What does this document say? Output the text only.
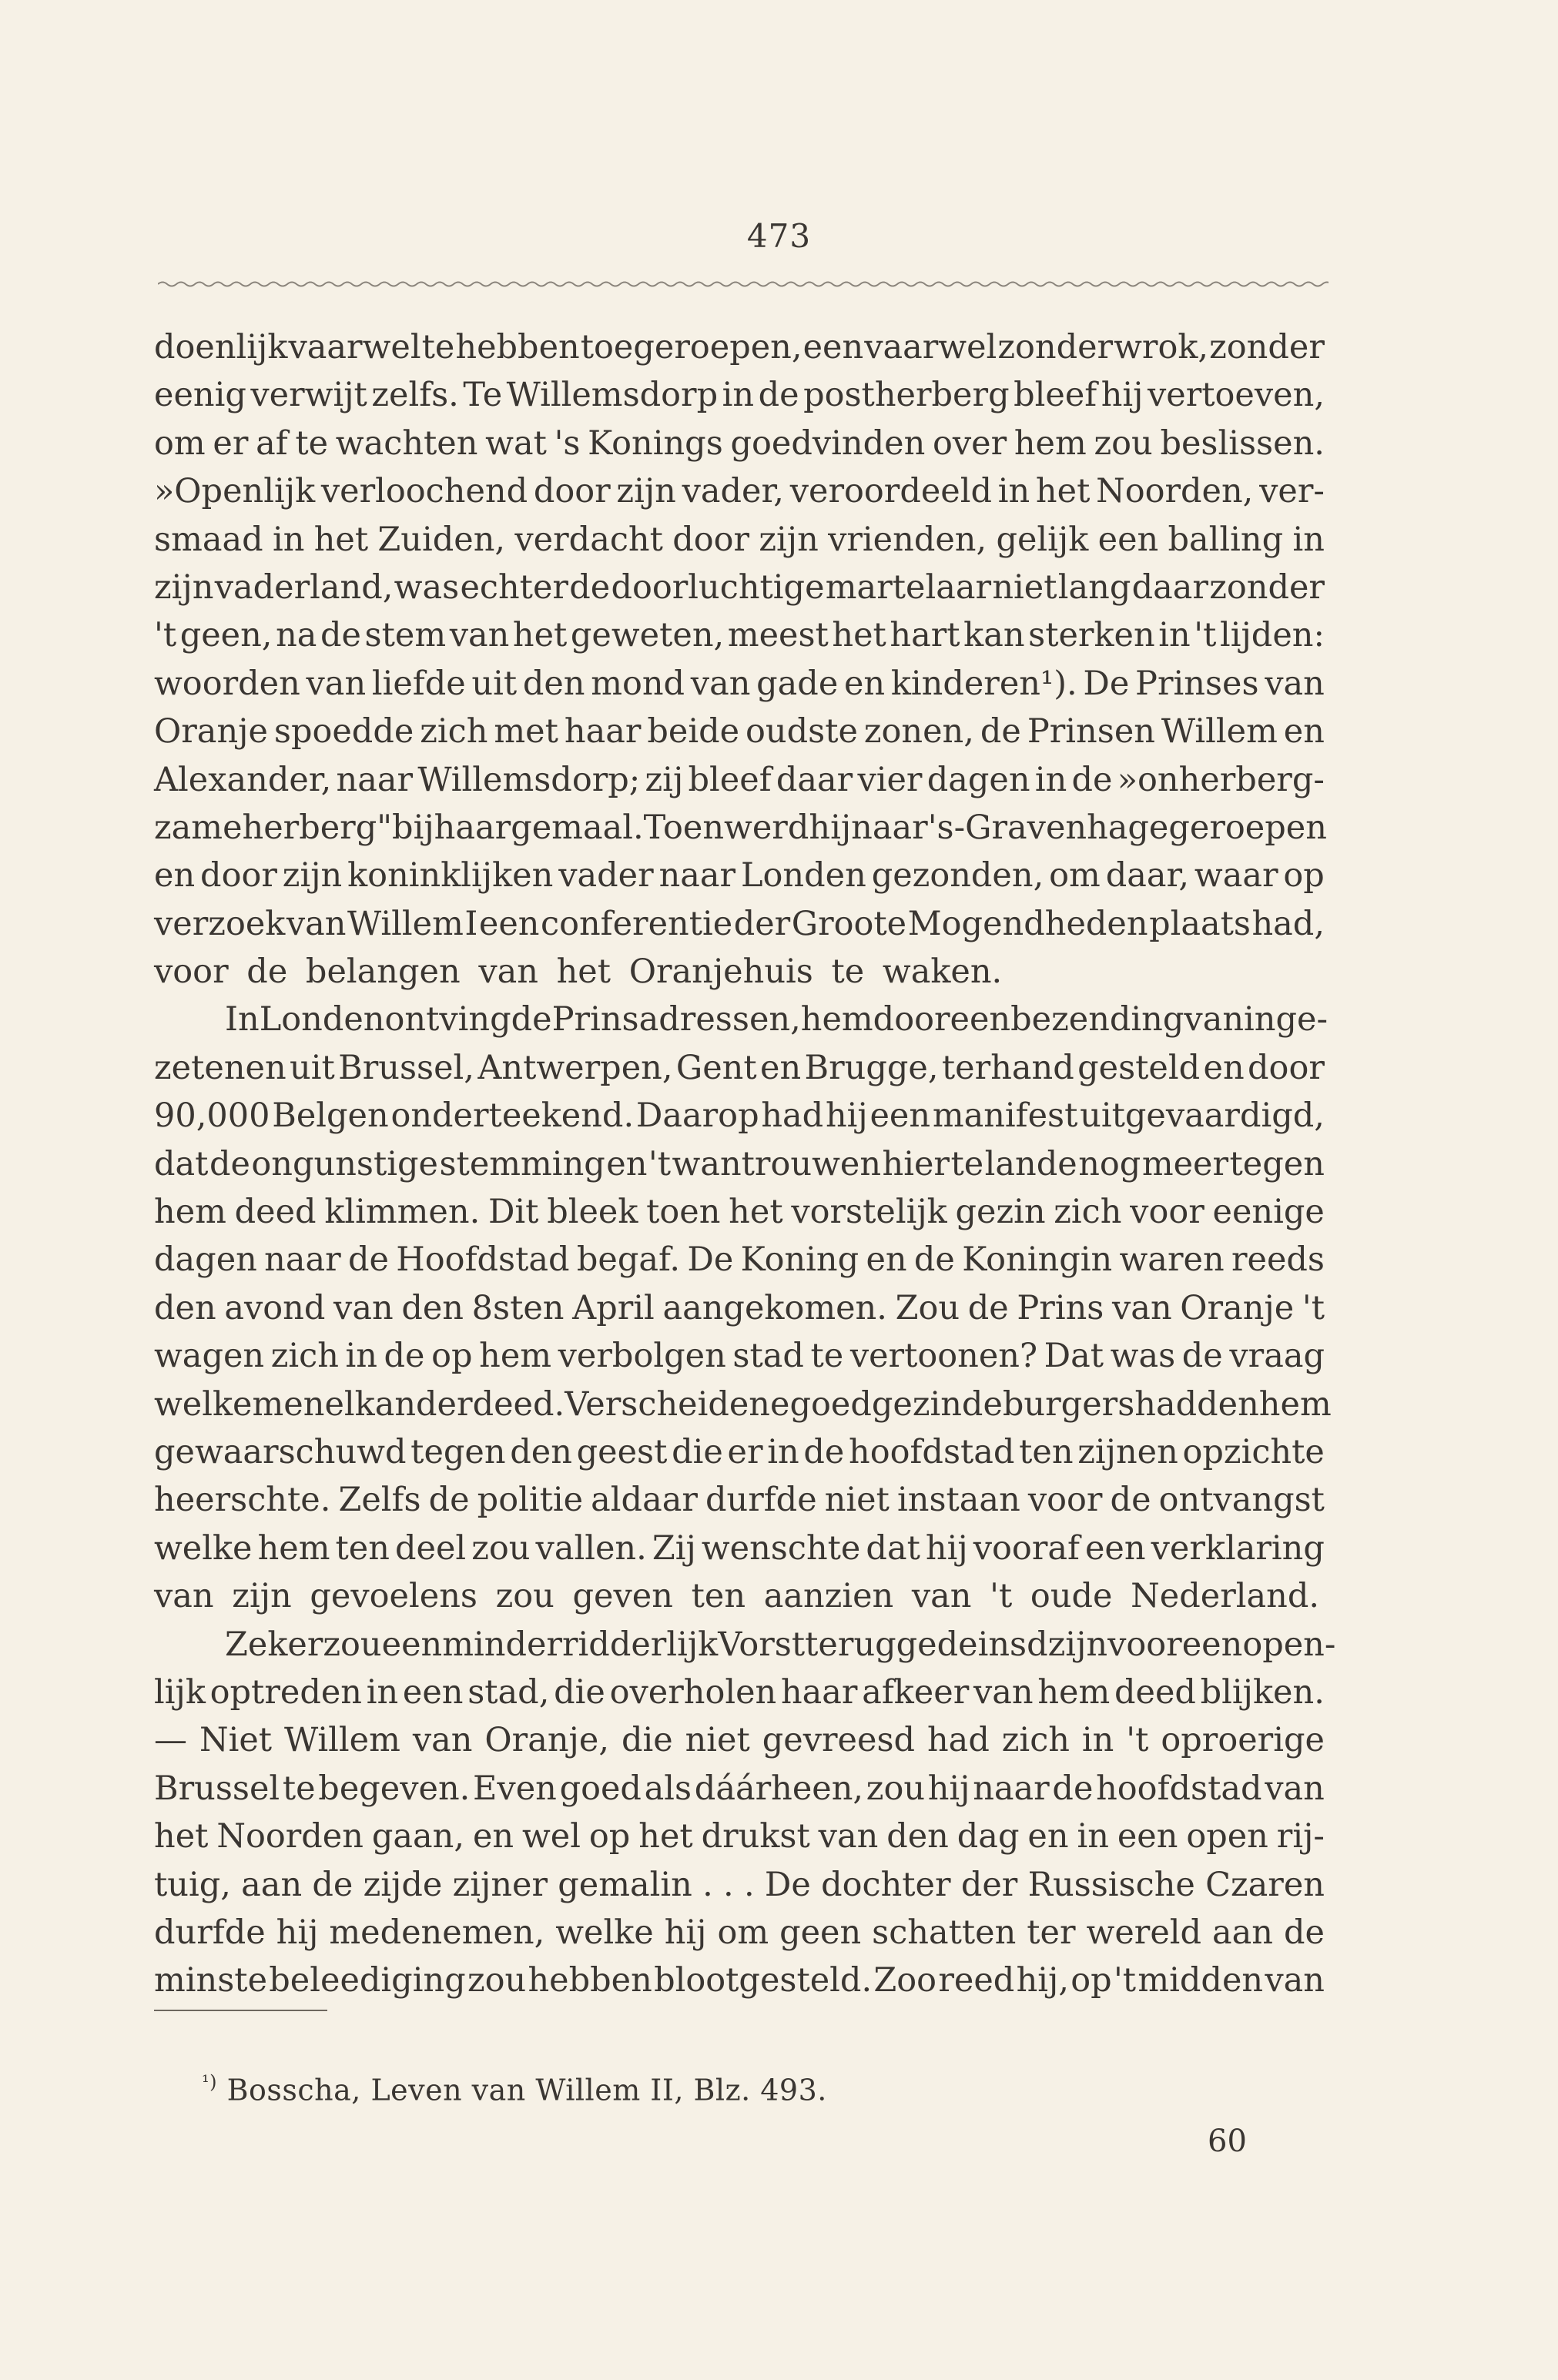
473
doenlijk vaarwel te hebben toegeroepen, een vaarwel zonder wrok, zonder
eenig verwijt zelfs. Te Willemsdorp in de postherberg bleef hij vertoeven,
om er af te wachten wat 's Konings goedvinden over hem zou beslissen.
»Openlijk verloochend door zijn vader, veroordeeld in het Noorden, ver-
smaad in het Zuiden, verdacht door zijn vrienden, gelijk een balling in
zijn vaderland, was echter de doorluchtige martelaar niet lang daar zonder
't geen, na de stem van het geweten, meest het hart kan sterken in 't lijden:
woorden van liefde uit den mond van gade en kinderen¹). De Prinses van
Oranje spoedde zich met haar beide oudste zonen, de Prinsen Willem en
Alexander, naar Willemsdorp; zij bleef daar vier dagen in de »onherberg-
zame herberg" bij haar gemaal. Toen werd hij naar 's-Gravenhage geroepen
en door zijn koninklijken vader naar Londen gezonden, om daar, waar op
verzoek van Willem I een conferentie der Groote Mogendheden plaats had,
voor de belangen van het Oranjehuis te waken.
In Londen ontving de Prins adressen, hem door een bezending van inge-
zetenen uit Brussel, Antwerpen, Gent en Brugge, terhand gesteld en door
90,000 Belgen onderteekend. Daarop had hij een manifest uitgevaardigd,
dat de ongunstige stemming en 't wantrouwen hier te lande nog meer tegen
hem deed klimmen. Dit bleek toen het vorstelijk gezin zich voor eenige
dagen naar de Hoofdstad begaf. De Koning en de Koningin waren reeds
den avond van den 8sten April aangekomen. Zou de Prins van Oranje 't
wagen zich in de op hem verbolgen stad te vertoonen? Dat was de vraag
welke men elkander deed. Verscheidene goedgezinde burgers hadden hem
gewaarschuwd tegen den geest die er in de hoofdstad ten zijnen opzichte
heerschte. Zelfs de politie aldaar durfde niet instaan voor de ontvangst
welke hem ten deel zou vallen. Zij wenschte dat hij vooraf een verklaring
van zijn gevoelens zou geven ten aanzien van 't oude Nederland.
Zeker zou een minder ridderlijk Vorst teruggedeinsd zijn voor een open-
lijk optreden in een stad, die overholen haar afkeer van hem deed blijken.
— Niet Willem van Oranje, die niet gevreesd had zich in 't oproerige
Brussel te begeven. Even goed als dáárheen, zou hij naar de hoofdstad van
het Noorden gaan, en wel op het drukst van den dag en in een open rij-
tuig, aan de zijde zijner gemalin . . . De dochter der Russische Czaren
durfde hij medenemen, welke hij om geen schatten ter wereld aan de
minste beleediging zou hebben blootgesteld. Zoo reed hij, op 't midden van
$^{^1)}$ Bosscha, Leven van Willem II, Blz. 493.
60
